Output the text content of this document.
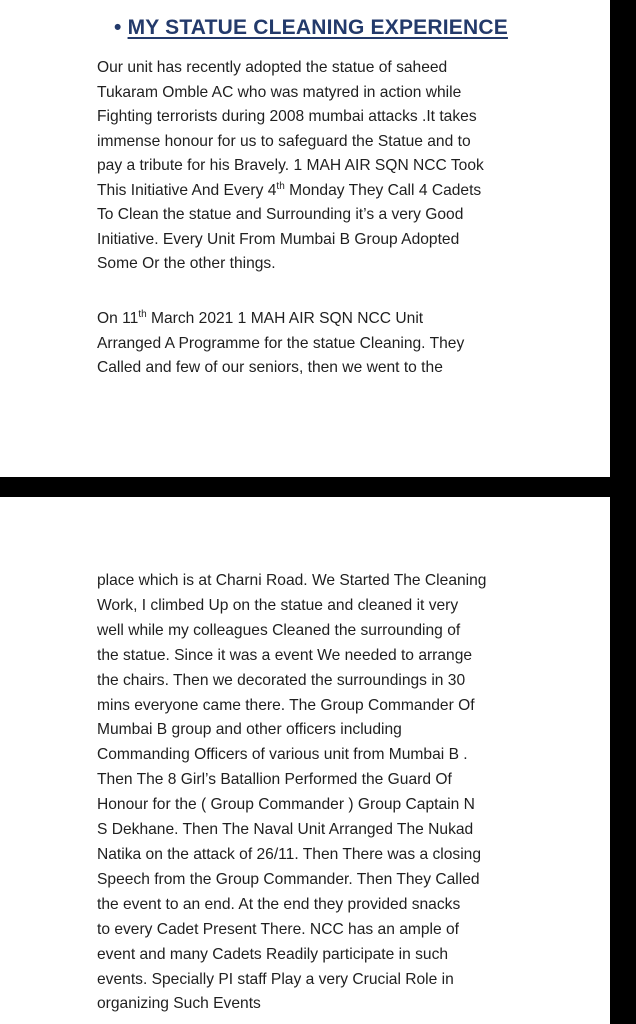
• MY STATUE CLEANING EXPERIENCE
Our unit has recently adopted the statue of saheed
Tukaram Omble AC who was matyred in action while
Fighting terrorists during 2008 mumbai attacks .It takes
immense honour for us to safeguard the Statue and to
pay a tribute for his Bravely. 1 MAH AIR SQN NCC Took
This Initiative And Every 4th Monday They Call 4 Cadets
To Clean the statue and Surrounding it’s a very Good
Initiative. Every Unit From Mumbai B Group Adopted
Some Or the other things.
On 11th March 2021 1 MAH AIR SQN NCC Unit
Arranged A Programme for the statue Cleaning. They
Called and few of our seniors, then we went to the
place which is at Charni Road. We Started The Cleaning
Work, I climbed Up on the statue and cleaned it very
well while my colleagues Cleaned the surrounding of
the statue. Since it was a event We needed to arrange
the chairs. Then we decorated the surroundings in 30
mins everyone came there. The Group Commander Of
Mumbai B group and other officers including
Commanding Officers of various unit from Mumbai B .
Then The 8 Girl’s Batallion Performed the Guard Of
Honour for the ( Group Commander ) Group Captain N
S Dekhane. Then The Naval Unit Arranged The Nukad
Natika on the attack of 26/11. Then There was a closing
Speech from the Group Commander. Then They Called
the event to an end. At the end they provided snacks
to every Cadet Present There. NCC has an ample of
event and many Cadets Readily participate in such
events. Specially PI staff Play a very Crucial Role in
organizing Such Events
